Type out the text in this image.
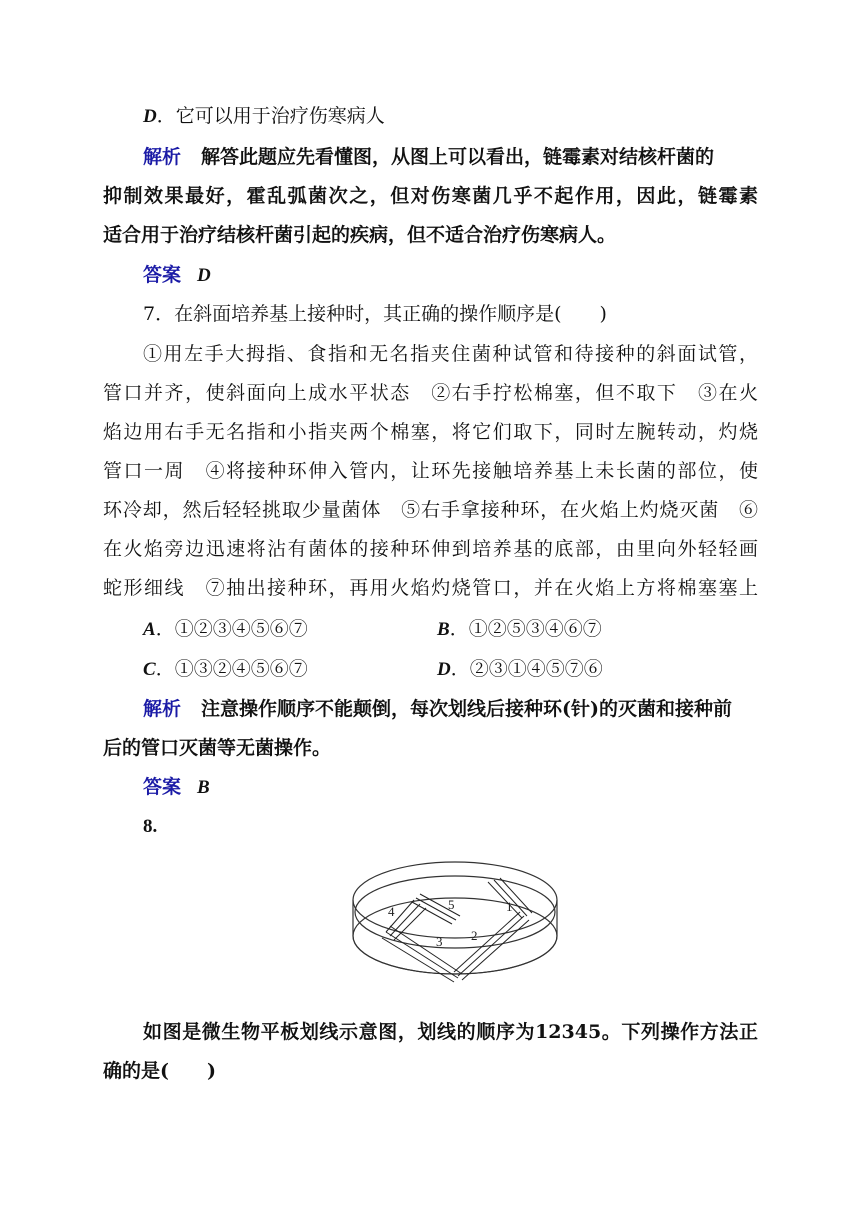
D．它可以用于治疗伤寒病人
解析 解答此题应先看懂图，从图上可以看出，链霉素对结核杆菌的
抑制效果最好，霍乱弧菌次之，但对伤寒菌几乎不起作用，因此，链霉素
适合用于治疗结核杆菌引起的疾病，但不适合治疗伤寒病人。
答案 D
7．在斜面培养基上接种时，其正确的操作顺序是(　　)
①用左手大拇指、食指和无名指夹住菌种试管和待接种的斜面试管，
管口并齐，使斜面向上成水平状态　②右手拧松棉塞，但不取下　③在火
焰边用右手无名指和小指夹两个棉塞，将它们取下，同时左腕转动，灼烧
管口一周　④将接种环伸入管内，让环先接触培养基上未长菌的部位，使
环冷却，然后轻轻挑取少量菌体　⑤右手拿接种环，在火焰上灼烧灭菌　⑥
在火焰旁边迅速将沾有菌体的接种环伸到培养基的底部，由里向外轻轻画
蛇形细线　⑦抽出接种环，再用火焰灼烧管口，并在火焰上方将棉塞塞上
A．①②③④⑤⑥⑦	B．①②⑤③④⑥⑦
C．①③②④⑤⑥⑦	D．②③①④⑤⑦⑥
解析 注意操作顺序不能颠倒，每次划线后接种环(针)的灭菌和接种前
后的管口灭菌等无菌操作。
答案 B
8.
1
2
3
4	5
如图是微生物平板划线示意图，划线的顺序为12345。下列操作方法正
确的是(　　)
